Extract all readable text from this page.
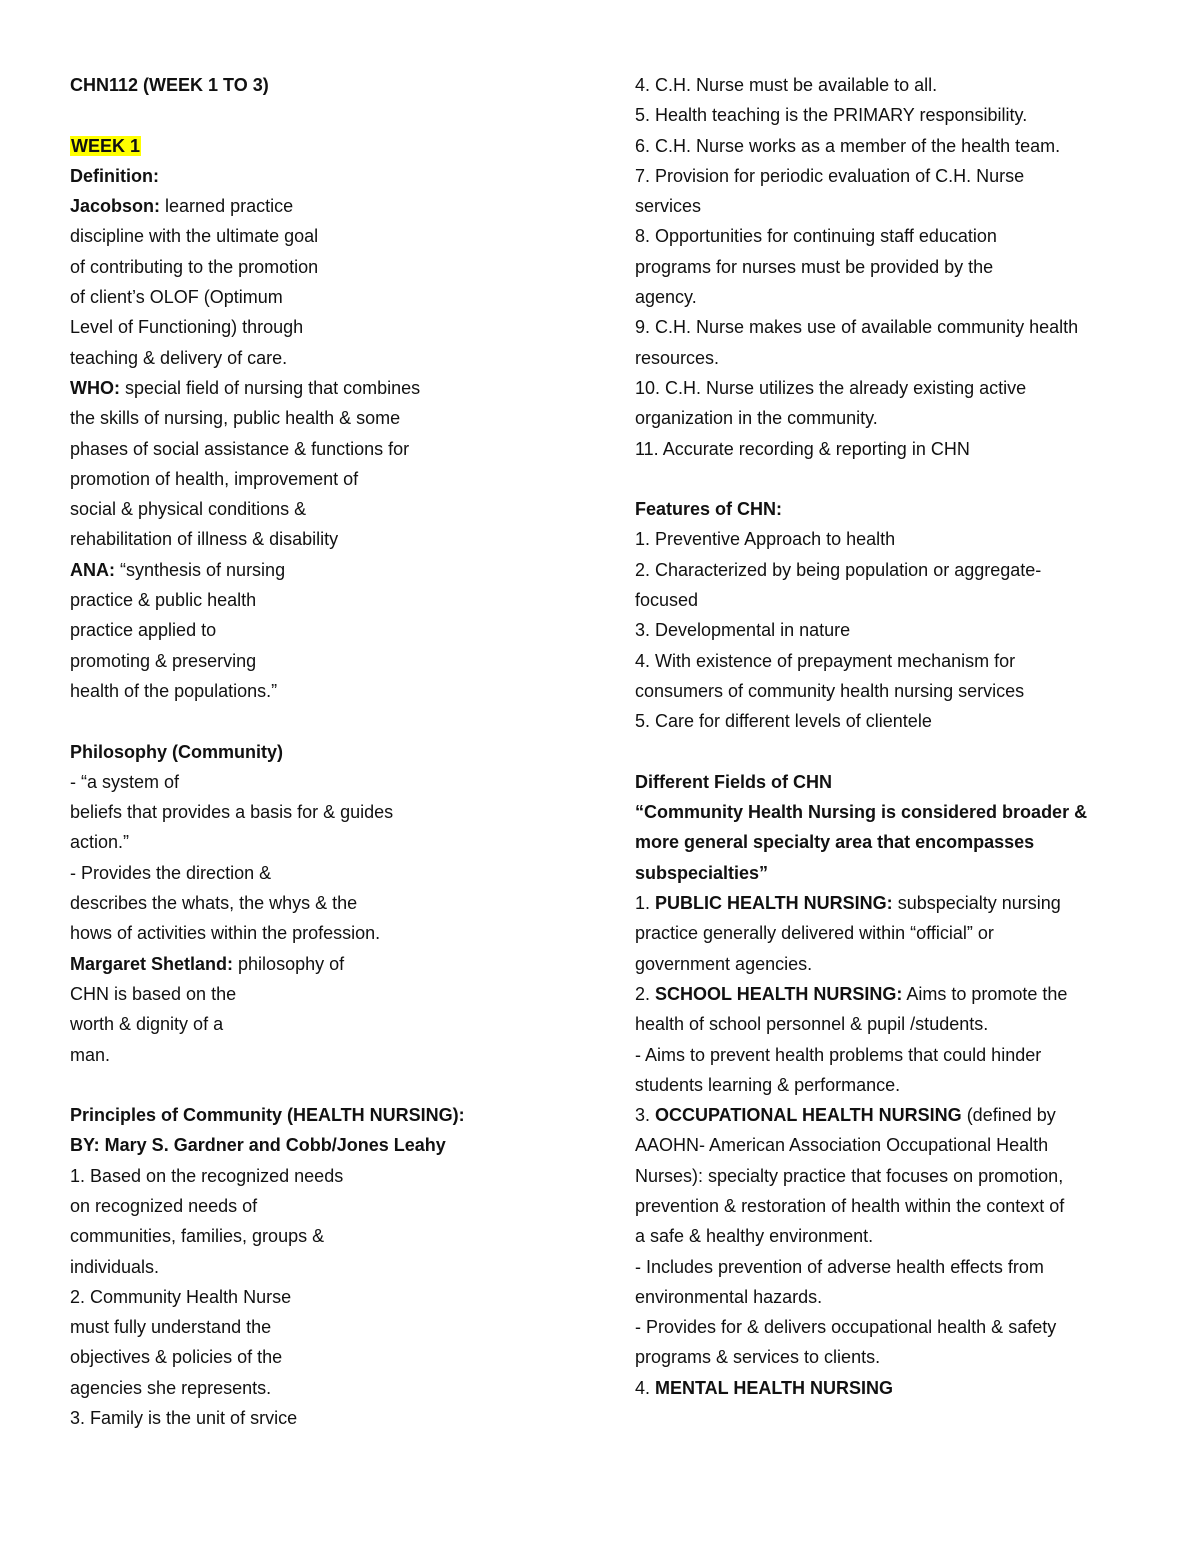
CHN112 (WEEK 1 TO 3)
WEEK 1
Definition:
Jacobson: learned practice
discipline with the ultimate goal
of contributing to the promotion
of client’s OLOF (Optimum
Level of Functioning) through
teaching & delivery of care.
WHO: special field of nursing that combines
the skills of nursing, public health & some
phases of social assistance & functions for
promotion of health, improvement of
social & physical conditions &
rehabilitation of illness & disability
ANA: “synthesis of nursing
practice & public health
practice applied to
promoting & preserving
health of the populations.”
Philosophy (Community)
- “a system of
beliefs that provides a basis for & guides
action.”
- Provides the direction &
describes the whats, the whys & the
hows of activities within the profession.
Margaret Shetland: philosophy of
CHN is based on the
worth & dignity of a
man.
Principles of Community (HEALTH NURSING):
BY: Mary S. Gardner and Cobb/Jones Leahy
1. Based on the recognized needs
on recognized needs of
communities, families, groups &
individuals.
2. Community Health Nurse
must fully understand the
objectives & policies of the
agencies she represents.
3. Family is the unit of srvice
4. C.H. Nurse must be available to all.
5. Health teaching is the PRIMARY responsibility.
6. C.H. Nurse works as a member of the health team.
7. Provision for periodic evaluation of C.H. Nurse
services
8. Opportunities for continuing staff education
programs for nurses must be provided by the
agency.
9. C.H. Nurse makes use of available community health
resources.
10. C.H. Nurse utilizes the already existing active
organization in the community.
11. Accurate recording & reporting in CHN
Features of CHN:
1. Preventive Approach to health
2. Characterized by being population or aggregate-
focused
3. Developmental in nature
4. With existence of prepayment mechanism for
consumers of community health nursing services
5. Care for different levels of clientele
Different Fields of CHN
“Community Health Nursing is considered broader &
more general specialty area that encompasses
subspecialties”
1. PUBLIC HEALTH NURSING: subspecialty nursing
practice generally delivered within “official” or
government agencies.
2. SCHOOL HEALTH NURSING: Aims to promote the
health of school personnel & pupil /students.
- Aims to prevent health problems that could hinder
students learning & performance.
3. OCCUPATIONAL HEALTH NURSING (defined by
AAOHN- American Association Occupational Health
Nurses): specialty practice that focuses on promotion,
prevention & restoration of health within the context of
a safe & healthy environment.
- Includes prevention of adverse health effects from
environmental hazards.
- Provides for & delivers occupational health & safety
programs & services to clients.
4. MENTAL HEALTH NURSING
